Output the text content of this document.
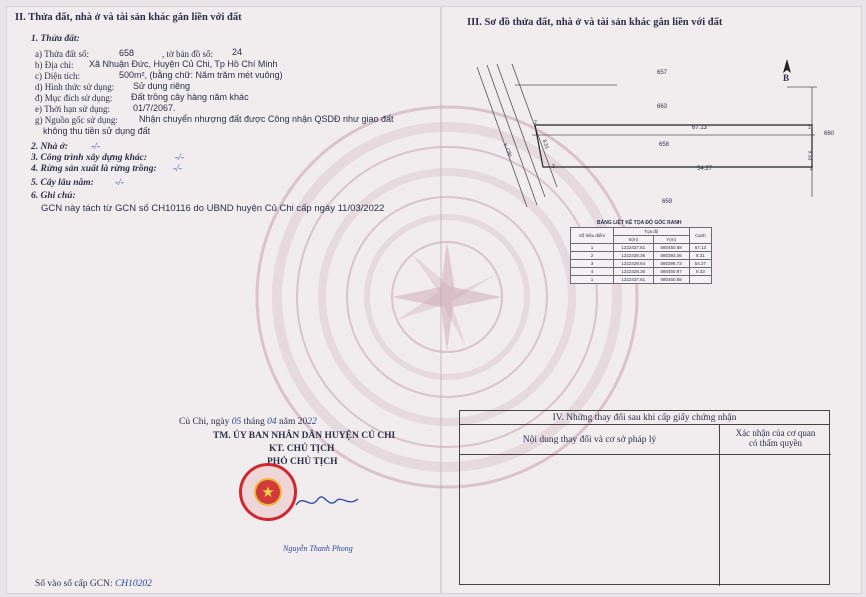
II. Thửa đất, nhà ở và tài sản khác gắn liền với đất
1. Thửa đất:
a) Thửa đất số:	658	, tờ bản đồ số: 24
b) Địa chỉ: Xã Nhuận Đức, Huyện Củ Chi, Tp Hồ Chí Minh
c) Diện tích:	500m², (bằng chữ: Năm trăm mét vuông)
d) Hình thức sử dụng: Sử dụng riêng
đ) Mục đích sử dụng: Đất trồng cây hàng năm khác
e) Thời hạn sử dụng:	01/7/2067.
g) Nguồn gốc sử dụng: Nhận chuyển nhượng đất được Công nhận QSDĐ như giao đất
không thu tiền sử dụng đất
2. Nhà ở: -/-
3. Công trình xây dựng khác:	-/-
4. Rừng sản xuất là rừng trồng: -/-
5. Cây lâu năm: -/-
6. Ghi chú:
GCN này tách từ GCN số CH10116 do UBND huyện Củ Chi cấp ngày 11/03/2022
III. Sơ đồ thửa đất, nhà ở và tài sản khác gắn liền với đất
657
663
658
659
660
67.13
54.27
8.31
9.33
K.Cấp
B
1
2
3	4
BẢNG LIỆT KÊ TỌA ĐỘ GÓC RANH
Số hiệu điểm	Tọa độ		Cạnh
	X(m)	Y(m)	
1	1222437.61	580450.58	67.13
2	1222438.36	580393.46	8.31
3	1222429.64	580396.73	54.27
4	1222428.30	580450.97	9.33
1	1222437.61	580450.58	
Củ Chi, ngày 05 tháng 04 năm 2022
TM. ỦY BAN NHÂN DÂN HUYỆN CỦ CHI
KT. CHỦ TỊCH
PHÓ CHỦ TỊCH
Nguyễn Thanh Phong
★
IV. Những thay đổi sau khi cấp giấy chứng nhận
Nội dung thay đổi và cơ sở pháp lý
Xác nhận của cơ quan
có thẩm quyền
Số vào sổ cấp GCN: CH10202
